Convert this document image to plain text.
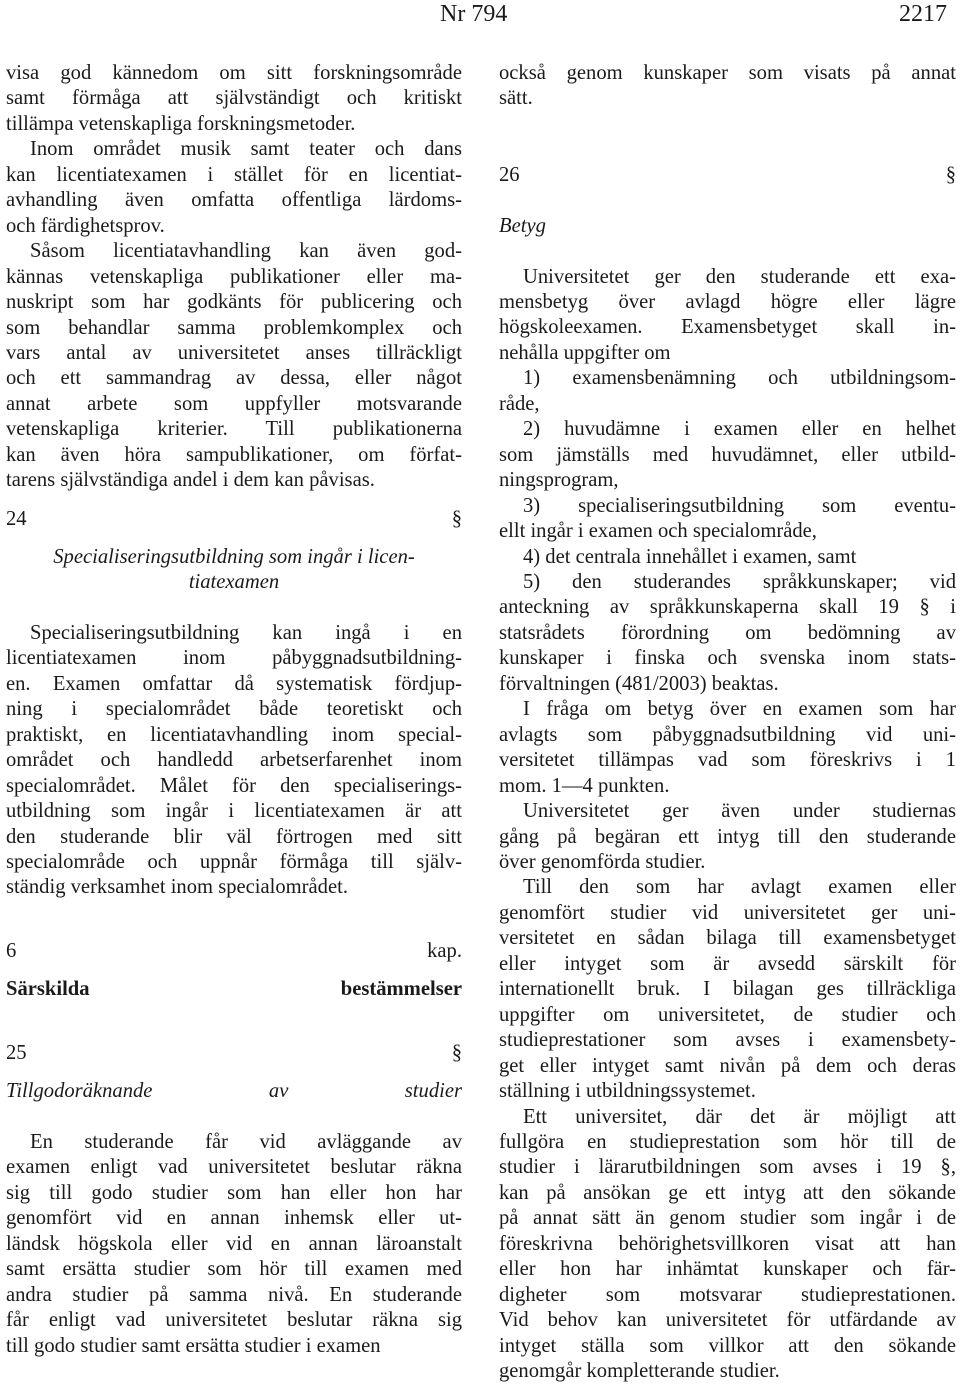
Nr 794	2217

visa god kännedom om sitt forskningsområde

samt förmåga att självständigt och kritiskt

tillämpa vetenskapliga forskningsmetoder.

Inom området musik samt teater och dans

kan licentiatexamen i stället för en licentiat-

avhandling även omfatta offentliga lärdoms-

och färdighetsprov.

Såsom licentiatavhandling kan även god-

kännas vetenskapliga publikationer eller ma-

nuskript som har godkänts för publicering och

som behandlar samma problemkomplex och

vars antal av universitetet anses tillräckligt

och ett sammandrag av dessa, eller något

annat arbete som uppfyller motsvarande

vetenskapliga kriterier. Till publikationerna

kan även höra sampublikationer, om förfat-

tarens självständiga andel i dem kan påvisas.

24 §

Specialiseringsutbildning som ingår i licen-

tiatexamen

Specialiseringsutbildning kan ingå i en

licentiatexamen inom påbyggnadsutbildning-

en. Examen omfattar då systematisk fördjup-

ning i specialområdet både teoretiskt och

praktiskt, en licentiatavhandling inom special-

området och handledd arbetserfarenhet inom

specialområdet. Målet för den specialiserings-

utbildning som ingår i licentiatexamen är att

den studerande blir väl förtrogen med sitt

specialområde och uppnår förmåga till själv-

ständig verksamhet inom specialområdet.

6 kap.

Särskilda bestämmelser

25 §

Tillgodoräknande av studier

En studerande får vid avläggande av

examen enligt vad universitetet beslutar räkna

sig till godo studier som han eller hon har

genomfört vid en annan inhemsk eller ut-

ländsk högskola eller vid en annan läroanstalt

samt ersätta studier som hör till examen med

andra studier på samma nivå. En studerande

får enligt vad universitetet beslutar räkna sig

till godo studier samt ersätta studier i examen

också genom kunskaper som visats på annat

sätt.

26 §

Betyg

Universitetet ger den studerande ett exa-

mensbetyg över avlagd högre eller lägre

högskoleexamen. Examensbetyget skall in-

nehålla uppgifter om

1) examensbenämning och utbildningsom-

råde,

2) huvudämne i examen eller en helhet

som jämställs med huvudämnet, eller utbild-

ningsprogram,

3) specialiseringsutbildning som eventu-

ellt ingår i examen och specialområde,

4) det centrala innehållet i examen, samt

5) den studerandes språkkunskaper; vid

anteckning av språkkunskaperna skall 19 § i

statsrådets förordning om bedömning av

kunskaper i finska och svenska inom stats-

förvaltningen (481/2003) beaktas.

I fråga om betyg över en examen som har

avlagts som påbyggnadsutbildning vid uni-

versitetet tillämpas vad som föreskrivs i 1

mom. 1—4 punkten.

Universitetet ger även under studiernas

gång på begäran ett intyg till den studerande

över genomförda studier.

Till den som har avlagt examen eller

genomfört studier vid universitetet ger uni-

versitetet en sådan bilaga till examensbetyget

eller intyget som är avsedd särskilt för

internationellt bruk. I bilagan ges tillräckliga

uppgifter om universitetet, de studier och

studieprestationer som avses i examensbety-

get eller intyget samt nivån på dem och deras

ställning i utbildningssystemet.

Ett universitet, där det är möjligt att

fullgöra en studieprestation som hör till de

studier i lärarutbildningen som avses i 19 §,

kan på ansökan ge ett intyg att den sökande

på annat sätt än genom studier som ingår i de

föreskrivna behörighetsvillkoren visat att han

eller hon har inhämtat kunskaper och fär-

digheter som motsvarar studieprestationen.

Vid behov kan universitetet för utfärdande av

intyget ställa som villkor att den sökande

genomgår kompletterande studier.
